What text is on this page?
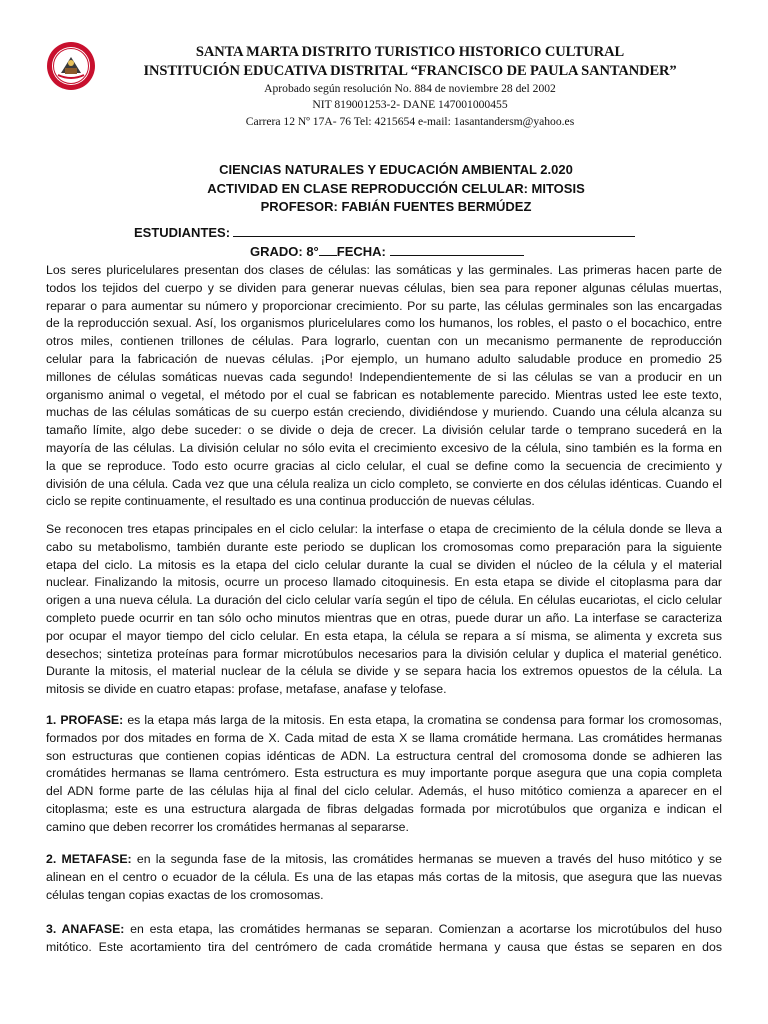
SANTA MARTA DISTRITO TURISTICO HISTORICO CULTURAL
INSTITUCIÓN EDUCATIVA DISTRITAL “FRANCISCO DE PAULA SANTANDER”
Aprobado según resolución No. 884 de noviembre 28 del 2002
NIT 819001253-2- DANE 147001000455
Carrera 12 Nº 17A- 76 Tel: 4215654 e-mail: 1asantandersm@yahoo.es
CIENCIAS NATURALES Y EDUCACIÓN AMBIENTAL 2.020
ACTIVIDAD EN CLASE REPRODUCCIÓN CELULAR: MITOSIS
PROFESOR: FABIÁN FUENTES BERMÚDEZ
ESTUDIANTES:
GRADO: 8° FECHA:
Los seres pluricelulares presentan dos clases de células: las somáticas y las germinales. Las primeras hacen parte de
todos los tejidos del cuerpo y se dividen para generar nuevas células, bien sea para reponer algunas células muertas,
reparar o para aumentar su número y proporcionar crecimiento. Por su parte, las células germinales son las encargadas
de la reproducción sexual. Así, los organismos pluricelulares como los humanos, los robles, el pasto o el bocachico, entre
otros miles, contienen trillones de células. Para lograrlo, cuentan con un mecanismo permanente de reproducción
celular para la fabricación de nuevas células. ¡Por ejemplo, un humano adulto saludable produce en promedio 25
millones de células somáticas nuevas cada segundo! Independientemente de si las células se van a producir en un
organismo animal o vegetal, el método por el cual se fabrican es notablemente parecido. Mientras usted lee este texto,
muchas de las células somáticas de su cuerpo están creciendo, dividiéndose y muriendo. Cuando una célula alcanza su
tamaño límite, algo debe suceder: o se divide o deja de crecer. La división celular tarde o temprano sucederá en la
mayoría de las células. La división celular no sólo evita el crecimiento excesivo de la célula, sino también es la forma en
la que se reproduce. Todo esto ocurre gracias al ciclo celular, el cual se define como la secuencia de crecimiento y
división de una célula. Cada vez que una célula realiza un ciclo completo, se convierte en dos células idénticas. Cuando el
ciclo se repite continuamente, el resultado es una continua producción de nuevas células.
Se reconocen tres etapas principales en el ciclo celular: la interfase o etapa de crecimiento de la célula donde se lleva a
cabo su metabolismo, también durante este periodo se duplican los cromosomas como preparación para la siguiente
etapa del ciclo. La mitosis es la etapa del ciclo celular durante la cual se dividen el núcleo de la célula y el material
nuclear. Finalizando la mitosis, ocurre un proceso llamado citoquinesis. En esta etapa se divide el citoplasma para dar
origen a una nueva célula. La duración del ciclo celular varía según el tipo de célula. En células eucariotas, el ciclo celular
completo puede ocurrir en tan sólo ocho minutos mientras que en otras, puede durar un año. La interfase se caracteriza
por ocupar el mayor tiempo del ciclo celular. En esta etapa, la célula se repara a sí misma, se alimenta y excreta sus
desechos; sintetiza proteínas para formar microtúbulos necesarios para la división celular y duplica el material genético.
Durante la mitosis, el material nuclear de la célula se divide y se separa hacia los extremos opuestos de la célula. La
mitosis se divide en cuatro etapas: profase, metafase, anafase y telofase.
1. PROFASE: es la etapa más larga de la mitosis. En esta etapa, la cromatina se condensa para formar los cromosomas,
formados por dos mitades en forma de X. Cada mitad de esta X se llama cromátide hermana. Las cromátides hermanas
son estructuras que contienen copias idénticas de ADN. La estructura central del cromosoma donde se adhieren las
cromátides hermanas se llama centrómero. Esta estructura es muy importante porque asegura que una copia completa
del ADN forme parte de las células hija al final del ciclo celular. Además, el huso mitótico comienza a aparecer en el
citoplasma; este es una estructura alargada de fibras delgadas formada por microtúbulos que organiza e indican el
camino que deben recorrer los cromátides hermanas al separarse.
2. METAFASE: en la segunda fase de la mitosis, las cromátides hermanas se mueven a través del huso mitótico y se
alinean en el centro o ecuador de la célula. Es una de las etapas más cortas de la mitosis, que asegura que las nuevas
células tengan copias exactas de los cromosomas.
3. ANAFASE: en esta etapa, las cromátides hermanas se separan. Comienzan a acortarse los microtúbulos del huso
mitótico. Este acortamiento tira del centrómero de cada cromátide hermana y causa que éstas se separen en dos
